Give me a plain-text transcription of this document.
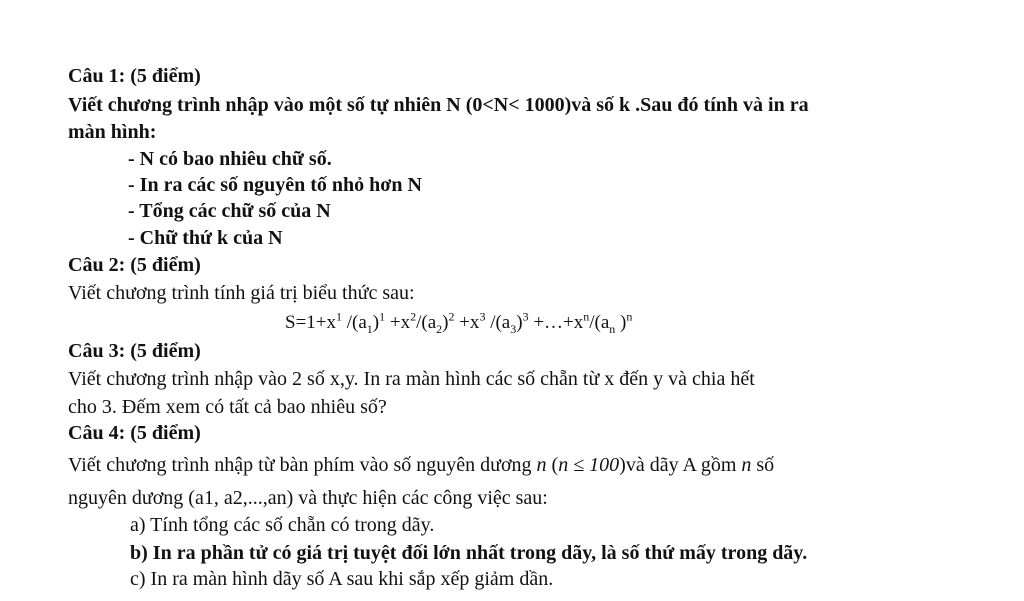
Câu 1: (5 điểm)
Viết chương trình nhập vào một số tự nhiên N (0<N< 1000)và số k .Sau đó tính và in ra
màn hình:
- N có bao nhiêu chữ số.
- In ra các số nguyên tố nhỏ hơn N
- Tổng các chữ số của N
- Chữ thứ k của N
Câu 2: (5 điểm)
Viết chương trình tính giá trị biểu thức sau:
$S=1+x^1$ $/(a_1)^1 +x^2/(a_2)^2 +x^3$ $/(a_3)^3$ $+\dots+x^n/(a_n$ )$^n$
Câu 3: (5 điểm)
Viết chương trình nhập vào 2 số x,y. In ra màn hình các số chẵn từ x đến y và chia hết
cho 3. Đếm xem có tất cả bao nhiêu số?
Câu 4: (5 điểm)
Viết chương trình nhập từ bàn phím vào số nguyên dương n (n ≤ 100)và dãy A gồm n số
nguyên dương (a1, a2,...,an) và thực hiện các công việc sau:
a) Tính tổng các số chẵn có trong dãy.
b) In ra phần tử có giá trị tuyệt đối lớn nhất trong dãy, là số thứ mấy trong dãy.
c) In ra màn hình dãy số A sau khi sắp xếp giảm dần.
